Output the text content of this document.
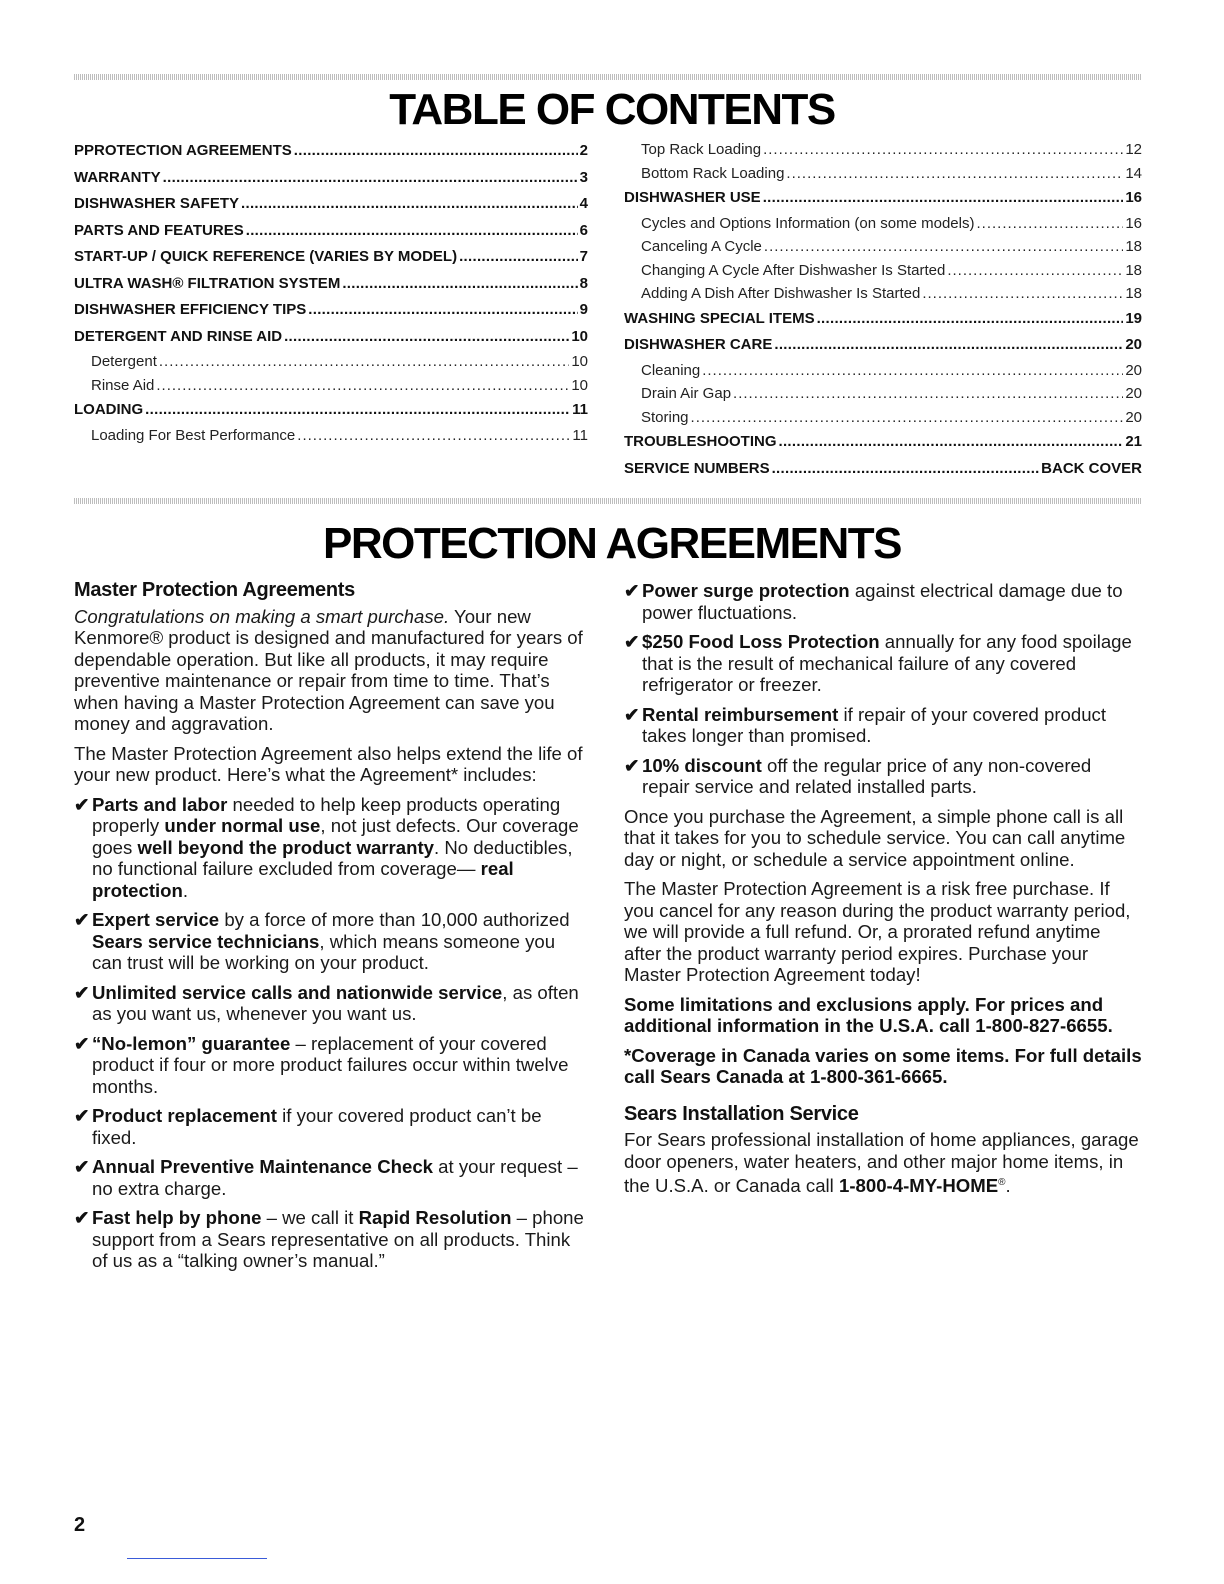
TABLE OF CONTENTS
PPROTECTION AGREEMENTS .....	2
WARRANTY .....	3
DISHWASHER SAFETY .....	4
PARTS AND FEATURES .....	6
START-UP / QUICK REFERENCE (VARIES BY MODEL) .....	7
ULTRA WASH® FILTRATION SYSTEM .....	8
DISHWASHER EFFICIENCY TIPS .....	9
DETERGENT AND RINSE AID .....	10
Detergent .....	10
Rinse Aid .....	10
LOADING .....	11
Loading For Best Performance .....	11
Top Rack Loading .....	12
Bottom Rack Loading .....	14
DISHWASHER USE .....	16
Cycles and Options Information (on some models) .....	16
Canceling A Cycle .....	18
Changing A Cycle After Dishwasher Is Started .....	18
Adding A Dish After Dishwasher Is Started .....	18
WASHING SPECIAL ITEMS .....	19
DISHWASHER CARE .....	20
Cleaning .....	20
Drain Air Gap .....	20
Storing .....	20
TROUBLESHOOTING .....	21
SERVICE NUMBERS .....	BACK COVER
PROTECTION AGREEMENTS
Master Protection Agreements

Congratulations on making a smart purchase. Your new Kenmore® product is designed and manufactured for years of dependable operation. But like all products, it may require preventive maintenance or repair from time to time. That’s when having a Master Protection Agreement can save you money and aggravation.

The Master Protection Agreement also helps extend the life of your new product. Here’s what the Agreement* includes:

✔ Parts and labor needed to help keep products operating properly under normal use, not just defects. Our coverage goes well beyond the product warranty. No deductibles, no functional failure excluded from coverage— real protection.
✔ Expert service by a force of more than 10,000 authorized Sears service technicians, which means someone you can trust will be working on your product.
✔ Unlimited service calls and nationwide service, as often as you want us, whenever you want us.
✔ “No-lemon” guarantee – replacement of your covered product if four or more product failures occur within twelve months.
✔ Product replacement if your covered product can’t be fixed.
✔ Annual Preventive Maintenance Check at your request – no extra charge.
✔ Fast help by phone – we call it Rapid Resolution – phone support from a Sears representative on all products. Think of us as a “talking owner’s manual.”
✔ Power surge protection against electrical damage due to power fluctuations.
✔ $250 Food Loss Protection annually for any food spoilage that is the result of mechanical failure of any covered refrigerator or freezer.
✔ Rental reimbursement if repair of your covered product takes longer than promised.
✔ 10% discount off the regular price of any non-covered repair service and related installed parts.

Once you purchase the Agreement, a simple phone call is all that it takes for you to schedule service. You can call anytime day or night, or schedule a service appointment online.

The Master Protection Agreement is a risk free purchase. If you cancel for any reason during the product warranty period, we will provide a full refund. Or, a prorated refund anytime after the product warranty period expires. Purchase your Master Protection Agreement today!

Some limitations and exclusions apply. For prices and additional information in the U.S.A. call 1-800-827-6655.

*Coverage in Canada varies on some items. For full details call Sears Canada at 1-800-361-6665.

Sears Installation Service

For Sears professional installation of home appliances, garage door openers, water heaters, and other major home items, in the U.S.A. or Canada call 1-800-4-MY-HOME®.

2
